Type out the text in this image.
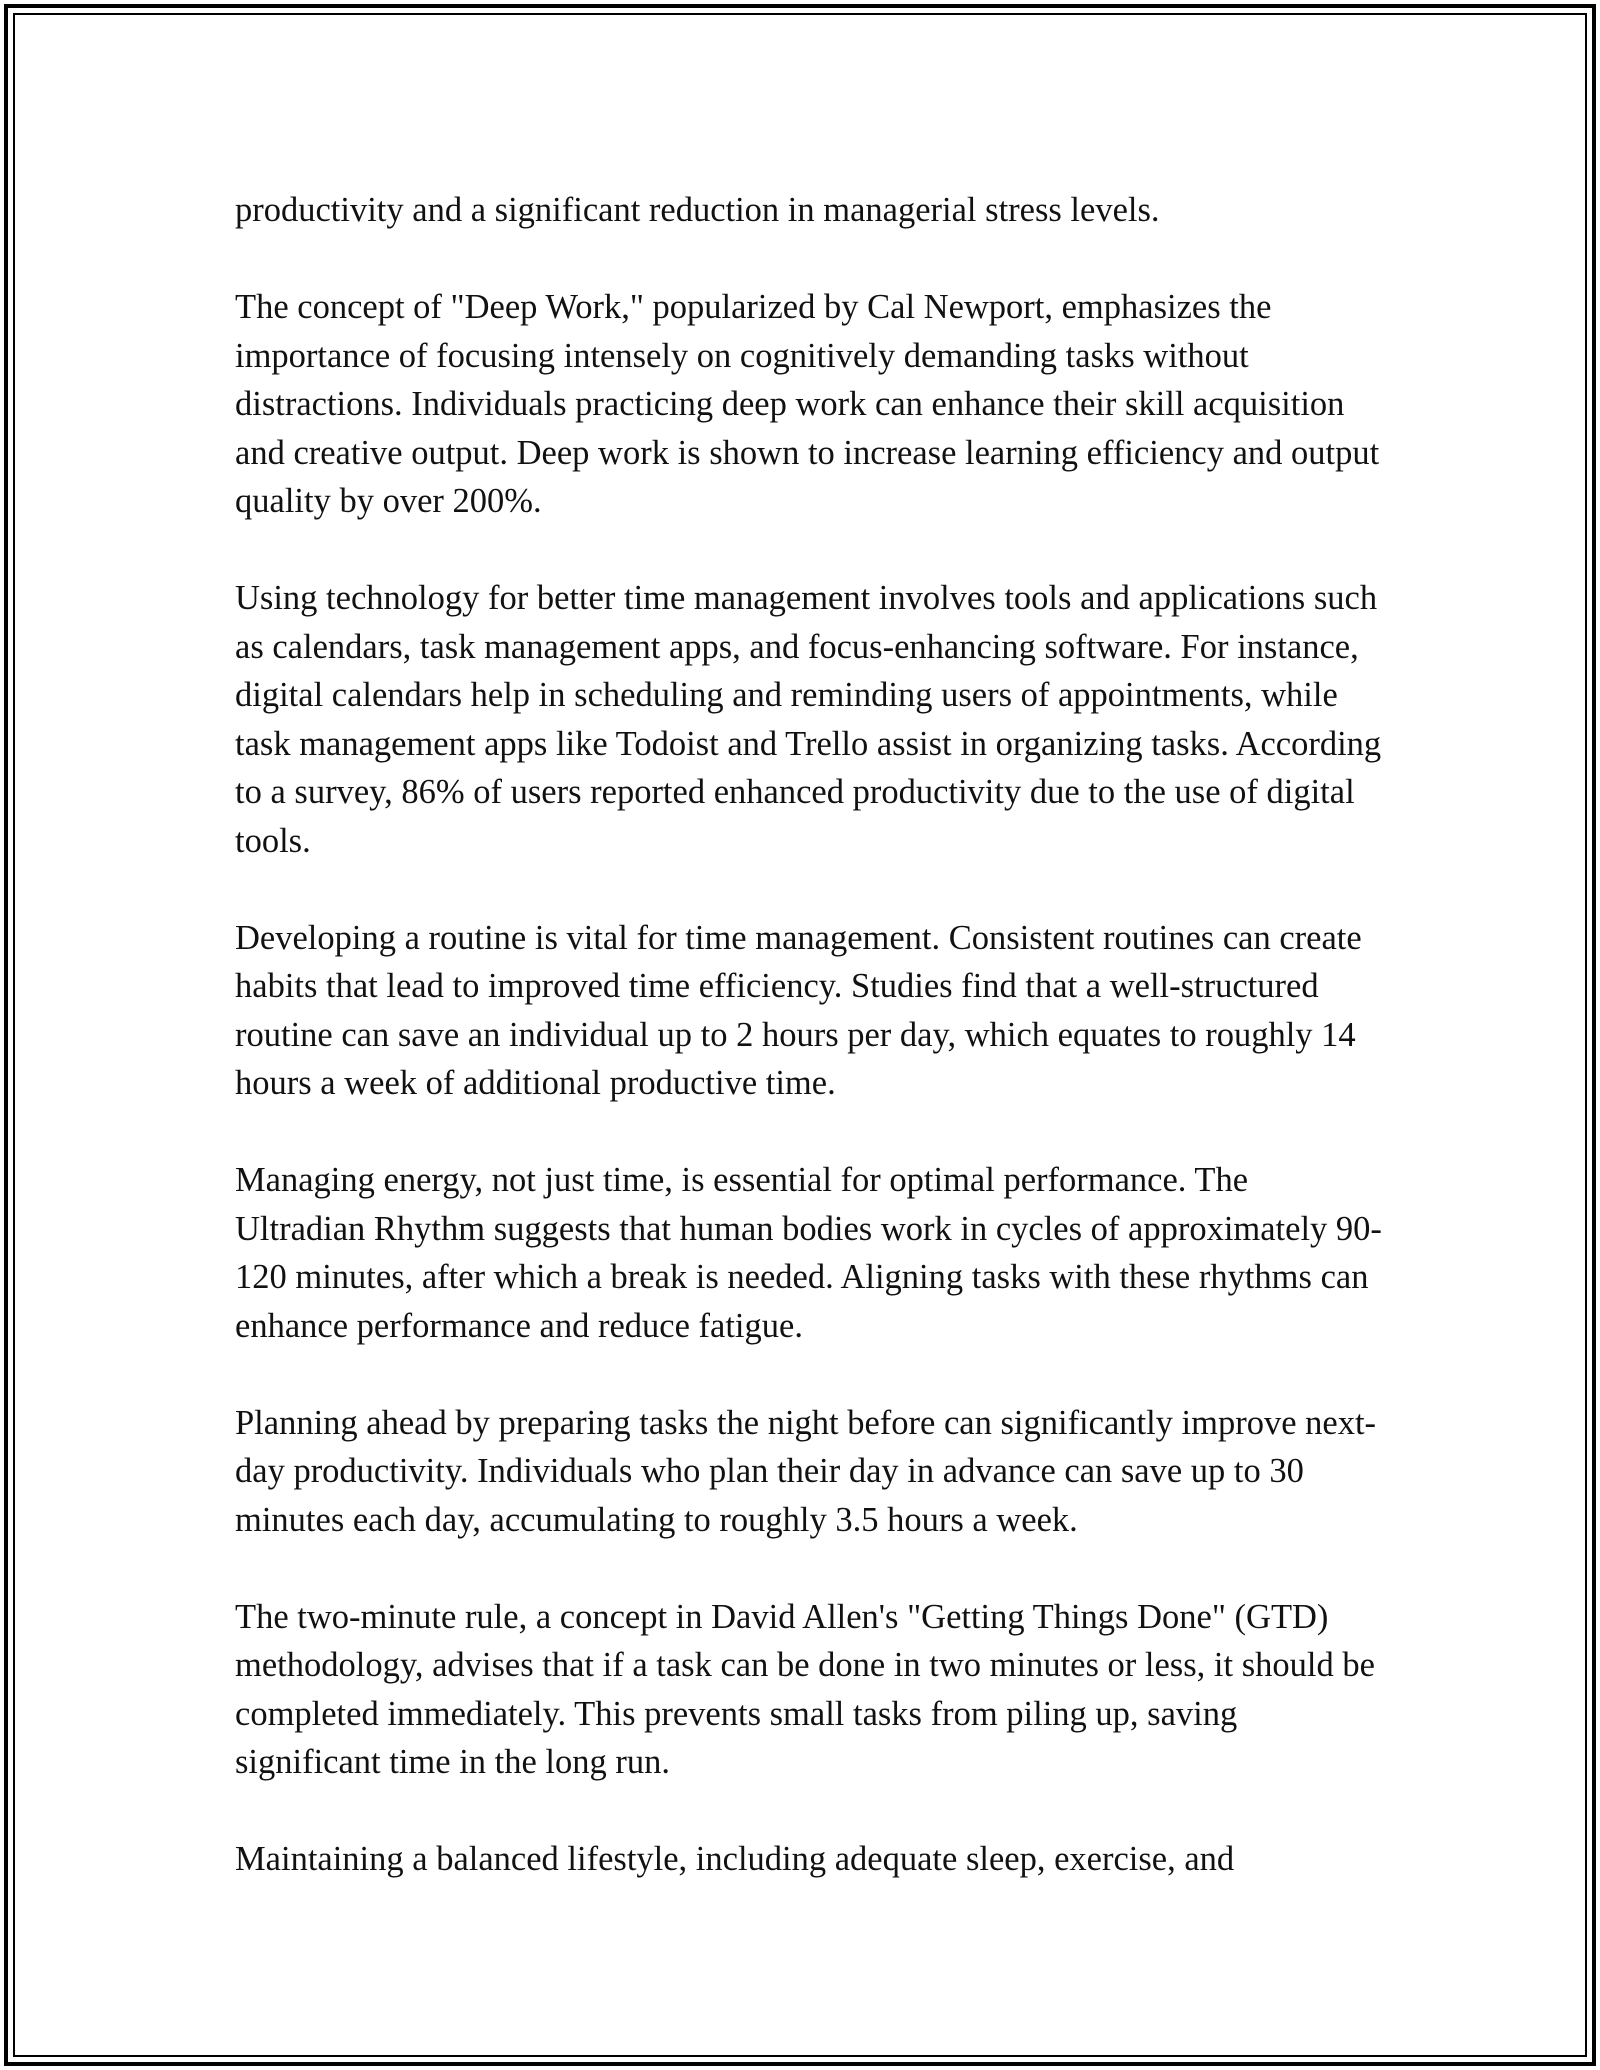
productivity and a significant reduction in managerial stress levels.

The concept of "Deep Work," popularized by Cal Newport, emphasizes the importance of focusing intensely on cognitively demanding tasks without distractions. Individuals practicing deep work can enhance their skill acquisition and creative output. Deep work is shown to increase learning efficiency and output quality by over 200%.

Using technology for better time management involves tools and applications such as calendars, task management apps, and focus-enhancing software. For instance, digital calendars help in scheduling and reminding users of appointments, while task management apps like Todoist and Trello assist in organizing tasks. According to a survey, 86% of users reported enhanced productivity due to the use of digital tools.

Developing a routine is vital for time management. Consistent routines can create habits that lead to improved time efficiency. Studies find that a well-structured routine can save an individual up to 2 hours per day, which equates to roughly 14 hours a week of additional productive time.

Managing energy, not just time, is essential for optimal performance. The Ultradian Rhythm suggests that human bodies work in cycles of approximately 90-120 minutes, after which a break is needed. Aligning tasks with these rhythms can enhance performance and reduce fatigue.

Planning ahead by preparing tasks the night before can significantly improve next-day productivity. Individuals who plan their day in advance can save up to 30 minutes each day, accumulating to roughly 3.5 hours a week.

The two-minute rule, a concept in David Allen's "Getting Things Done" (GTD) methodology, advises that if a task can be done in two minutes or less, it should be completed immediately. This prevents small tasks from piling up, saving significant time in the long run.

Maintaining a balanced lifestyle, including adequate sleep, exercise, and
